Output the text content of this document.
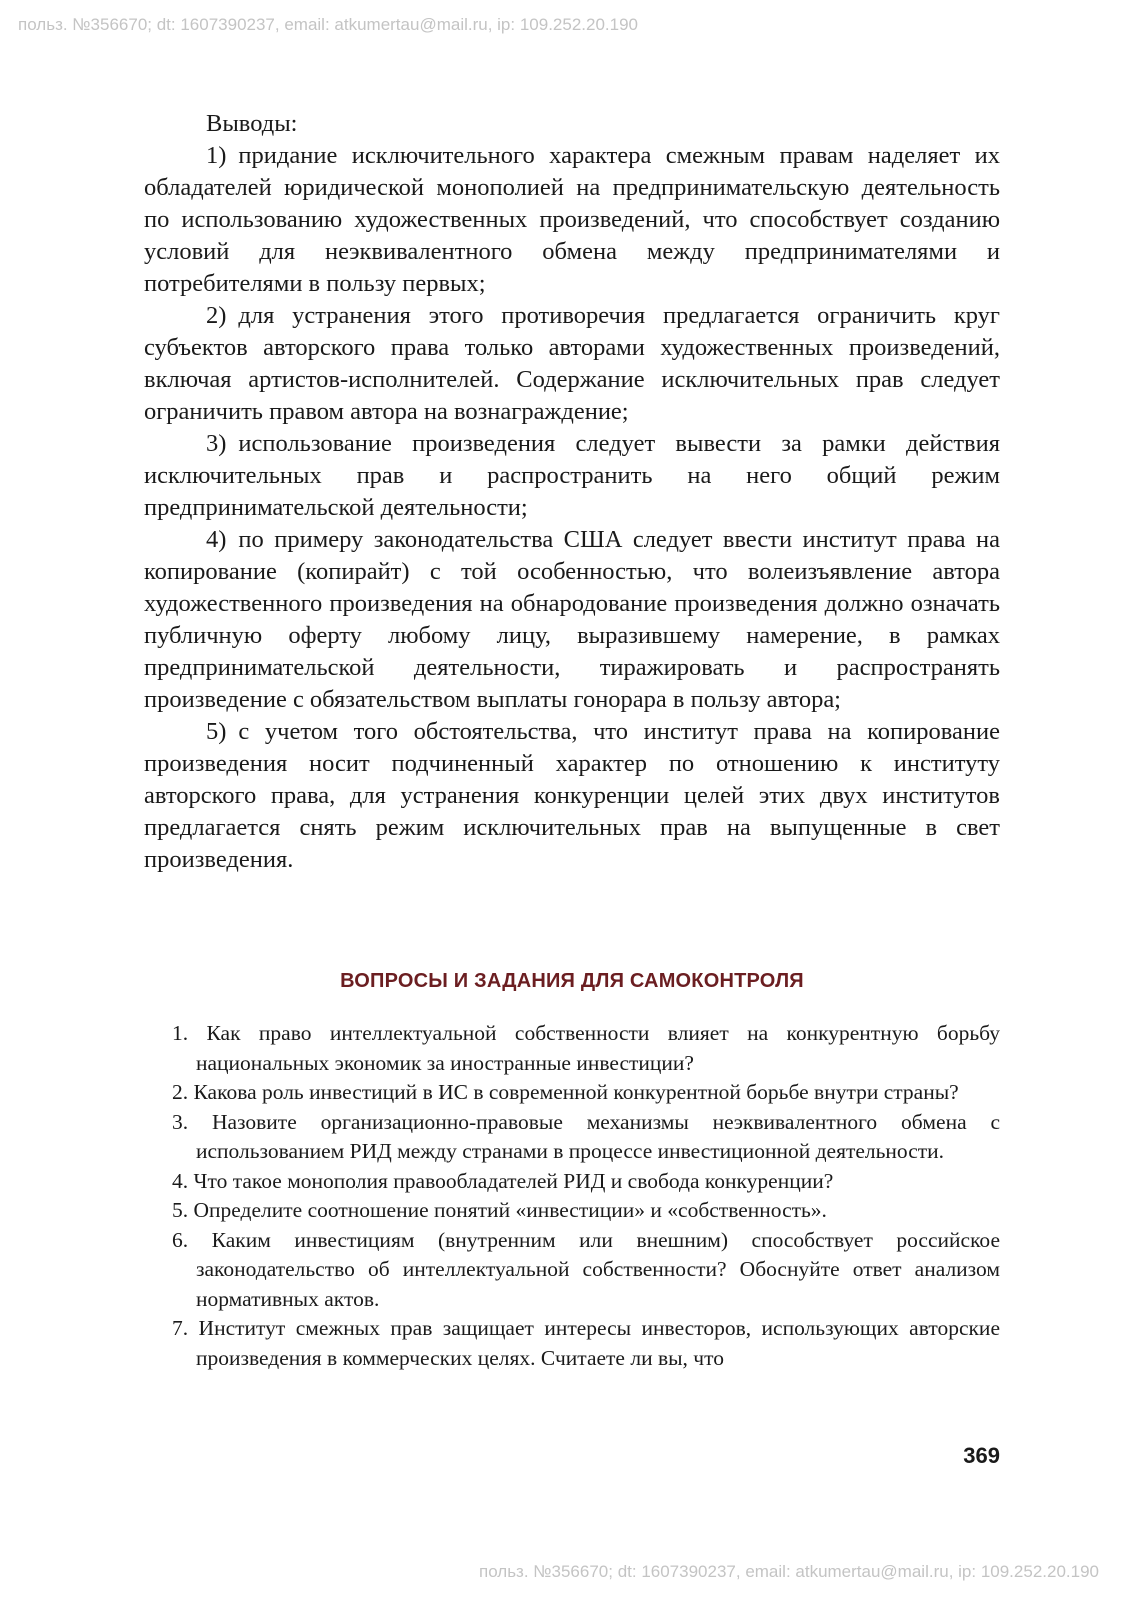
польз. №356670; dt: 1607390237, email: atkumertau@mail.ru, ip: 109.252.20.190

Выводы:

1) придание исключительного характера смежным правам наделяет их обладателей юридической монополией на предпринимательскую деятельность по использованию художественных произведений, что способствует созданию условий для неэквивалентного обмена между предпринимателями и потребителями в пользу первых;

2) для устранения этого противоречия предлагается ограничить круг субъектов авторского права только авторами художественных произведений, включая артистов-исполнителей. Содержание исключительных прав следует ограничить правом автора на вознаграждение;

3) использование произведения следует вывести за рамки действия исключительных прав и распространить на него общий режим предпринимательской деятельности;

4) по примеру законодательства США следует ввести институт права на копирование (копирайт) с той особенностью, что волеизъявление автора художественного произведения на обнародование произведения должно означать публичную оферту любому лицу, выразившему намерение, в рамках предпринимательской деятельности, тиражировать и распространять произведение с обязательством выплаты гонорара в пользу автора;

5) с учетом того обстоятельства, что институт права на копирование произведения носит подчиненный характер по отношению к институту авторского права, для устранения конкуренции целей этих двух институтов предлагается снять режим исключительных прав на выпущенные в свет произведения.

ВОПРОСЫ И ЗАДАНИЯ ДЛЯ САМОКОНТРОЛЯ
1. Как право интеллектуальной собственности влияет на конкурентную борьбу национальных экономик за иностранные инвестиции?
2. Какова роль инвестиций в ИС в современной конкурентной борьбе внутри страны?
3. Назовите организационно-правовые механизмы неэквивалентного обмена с использованием РИД между странами в процессе инвестиционной деятельности.
4. Что такое монополия правообладателей РИД и свобода конкуренции?
5. Определите соотношение понятий «инвестиции» и «собственность».
6. Каким инвестициям (внутренним или внешним) способствует российское законодательство об интеллектуальной собственности? Обоснуйте ответ анализом нормативных актов.
7. Институт смежных прав защищает интересы инвесторов, использующих авторские произведения в коммерческих целях. Считаете ли вы, что
369
польз. №356670; dt: 1607390237, email: atkumertau@mail.ru, ip: 109.252.20.190
